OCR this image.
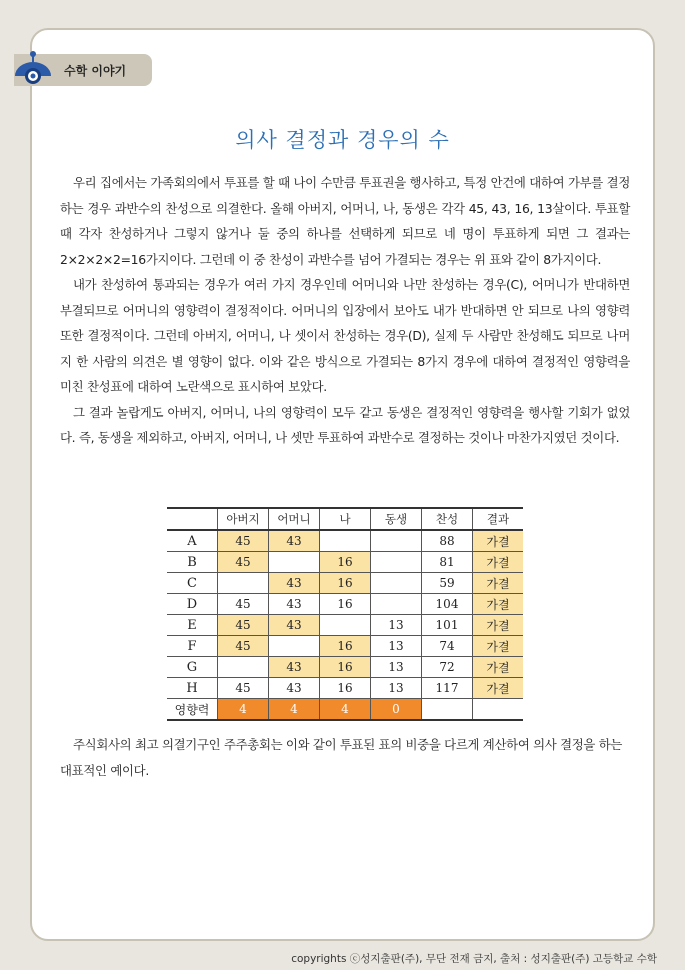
수학 이야기
의사 결정과 경우의 수

우리 집에서는 가족회의에서 투표를 할 때 나이 수만큼 투표권을 행사하고, 특정 안건에 대하여 가부를 결정하는 경우 과반수의 찬성으로 의결한다. 올해 아버지, 어머니, 나, 동생은 각각 45, 43, 16, 13살이다. 투표할 때 각자 찬성하거나 그렇지 않거나 둘 중의 하나를 선택하게 되므로 네 명이 투표하게 되면 그 결과는 2×2×2×2=16가지이다. 그런데 이 중 찬성이 과반수를 넘어 가결되는 경우는 위 표와 같이 8가지이다.

내가 찬성하여 통과되는 경우가 여러 가지 경우인데 어머니와 나만 찬성하는 경우(C), 어머니가 반대하면 부결되므로 어머니의 영향력이 결정적이다. 어머니의 입장에서 보아도 내가 반대하면 안 되므로 나의 영향력 또한 결정적이다. 그런데 아버지, 어머니, 나 셋이서 찬성하는 경우(D), 실제 두 사람만 찬성해도 되므로 나머지 한 사람의 의견은 별 영향이 없다. 이와 같은 방식으로 가결되는 8가지 경우에 대하여 결정적인 영향력을 미친 찬성표에 대하여 노란색으로 표시하여 보았다.

그 결과 놀랍게도 아버지, 어머니, 나의 영향력이 모두 같고 동생은 결정적인 영향력을 행사할 기회가 없었다. 즉, 동생을 제외하고, 아버지, 어머니, 나 셋만 투표하여 과반수로 결정하는 것이나 마찬가지였던 것이다.

	아버지	어머니	나	동생	찬성	결과
A	45	43			88	가결
B	45		16		81	가결
C		43	16		59	가결
D	45	43	16		104	가결
E	45	43		13	101	가결
F	45		16	13	74	가결
G		43	16	13	72	가결
H	45	43	16	13	117	가결
영향력	4	4	4	0		

주식회사의 최고 의결기구인 주주총회는 이와 같이 투표된 표의 비중을 다르게 계산하여 의사 결정을 하는 대표적인 예이다.

copyrights ⓒ성지출판(주), 무단 전재 금지, 출처 : 성지출판(주) 고등학교 수학
